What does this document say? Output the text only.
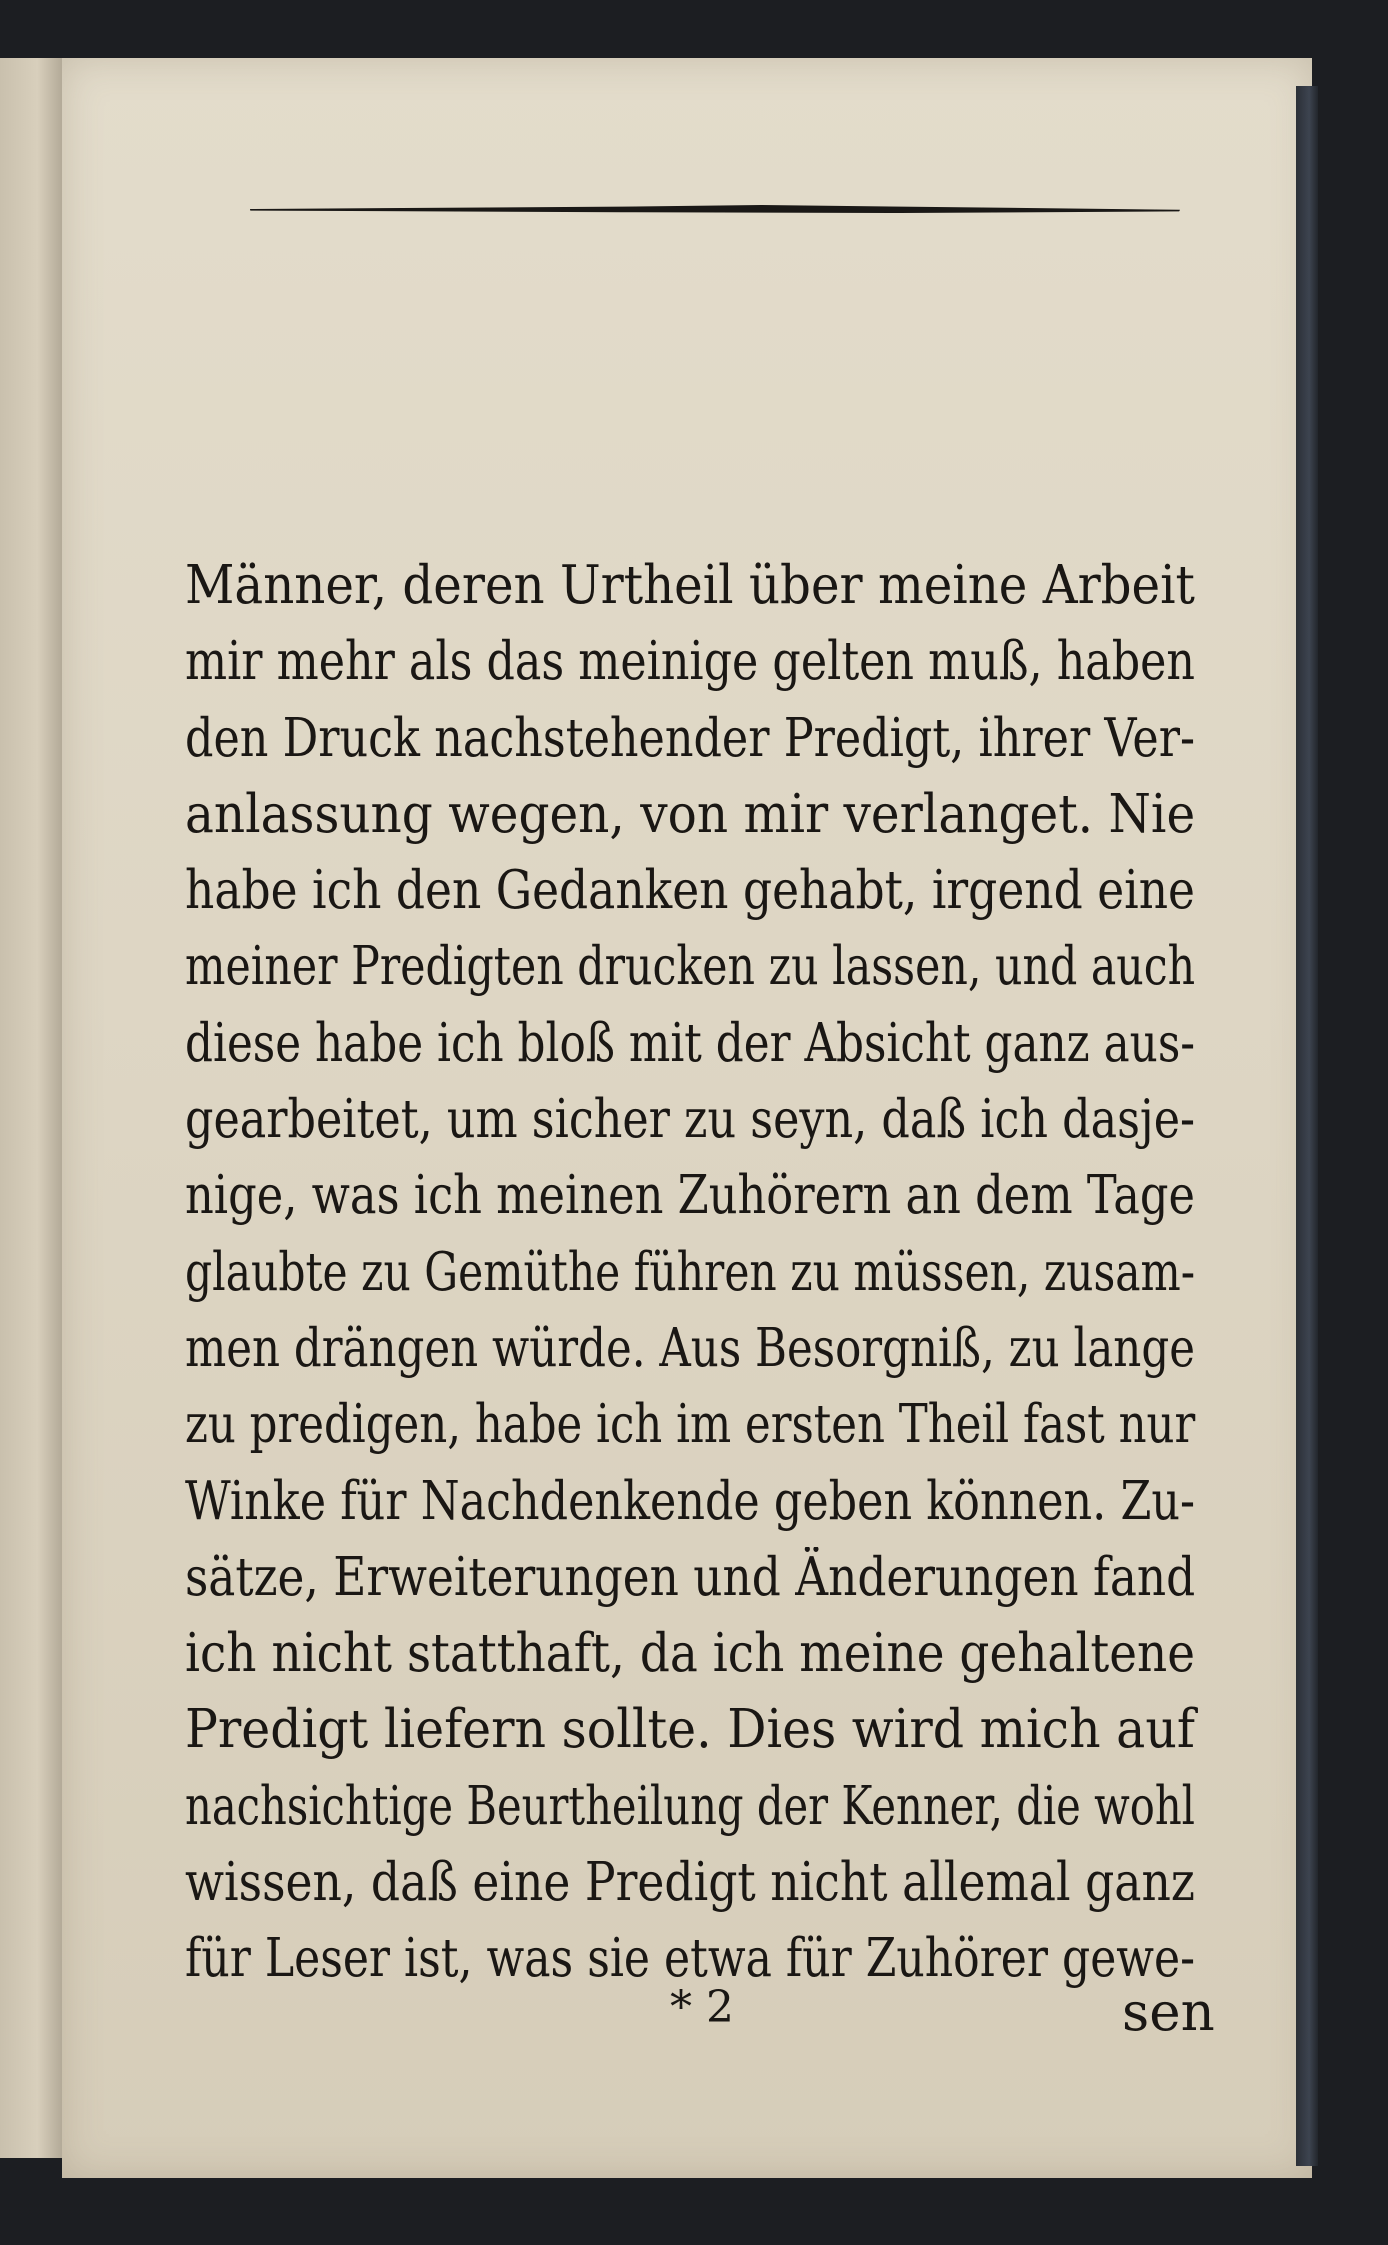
Männer, deren Urtheil über meine Arbeit
mir mehr als das meinige gelten muß, haben
den Druck nachstehender Predigt, ihrer Ver-
anlassung wegen, von mir verlanget. Nie
habe ich den Gedanken gehabt, irgend eine
meiner Predigten drucken zu lassen, und auch
diese habe ich bloß mit der Absicht ganz aus-
gearbeitet, um sicher zu seyn, daß ich dasje-
nige, was ich meinen Zuhörern an dem Tage
glaubte zu Gemüthe führen zu müssen, zusam-
men drängen würde. Aus Besorgniß, zu lange
zu predigen, habe ich im ersten Theil fast nur
Winke für Nachdenkende geben können. Zu-
sätze, Erweiterungen und Änderungen fand
ich nicht statthaft, da ich meine gehaltene
Predigt liefern sollte. Dies wird mich auf
nachsichtige Beurtheilung der Kenner, die wohl
wissen, daß eine Predigt nicht allemal ganz
für Leser ist, was sie etwa für Zuhörer gewe-

* 2	sen
